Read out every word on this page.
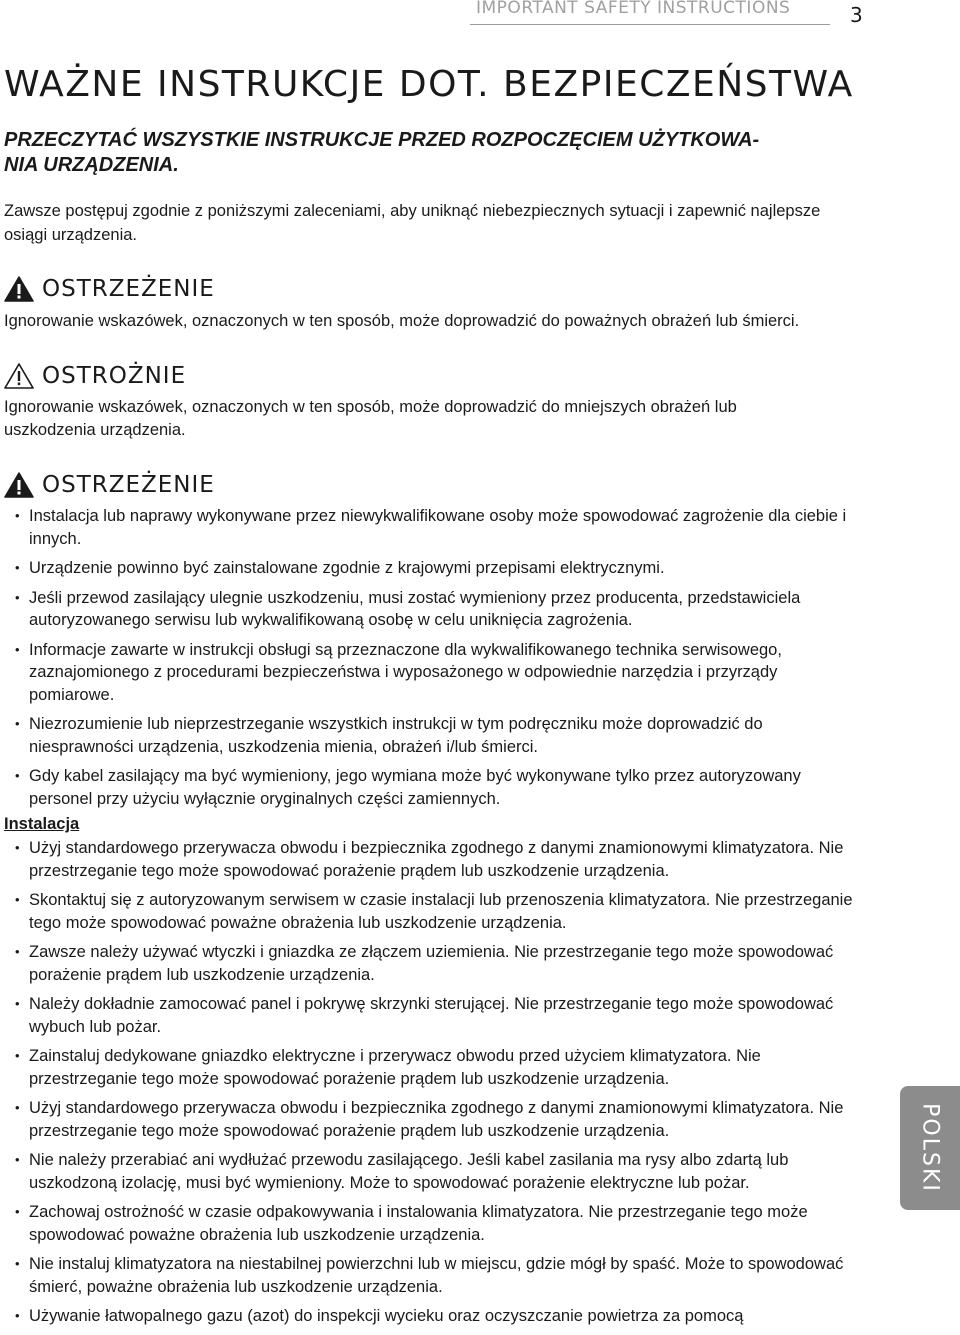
IMPORTANT SAFETY INSTRUCTIONS	3
WAŻNE INSTRUKCJE DOT. BEZPIECZEŃSTWA
PRZECZYTAĆ WSZYSTKIE INSTRUKCJE PRZED ROZPOCZĘCIEM UŻYTKOWA-
NIA URZĄDZENIA.
Zawsze postępuj zgodnie z poniższymi zaleceniami, aby uniknąć niebezpiecznych sytuacji i zapewnić najlepsze osiągi urządzenia.
OSTRZEŻENIE
Ignorowanie wskazówek, oznaczonych w ten sposób, może doprowadzić do poważnych obrażeń lub śmierci.
OSTROŻNIE
Ignorowanie wskazówek, oznaczonych w ten sposób, może doprowadzić do mniejszych obrażeń lub uszkodzenia urządzenia.
OSTRZEŻENIE
• Instalacja lub naprawy wykonywane przez niewykwalifikowane osoby może spowodować zagrożenie dla ciebie i innych.
• Urządzenie powinno być zainstalowane zgodnie z krajowymi przepisami elektrycznymi.
• Jeśli przewod zasilający ulegnie uszkodzeniu, musi zostać wymieniony przez producenta, przedstawiciela autoryzowanego serwisu lub wykwalifikowaną osobę w celu uniknięcia zagrożenia.
• Informacje zawarte w instrukcji obsługi są przeznaczone dla wykwalifikowanego technika serwisowego, zaznajomionego z procedurami bezpieczeństwa i wyposażonego w odpowiednie narzędzia i przyrządy pomiarowe.
• Niezrozumienie lub nieprzestrzeganie wszystkich instrukcji w tym podręczniku może doprowadzić do niesprawności urządzenia, uszkodzenia mienia, obrażeń i/lub śmierci.
• Gdy kabel zasilający ma być wymieniony, jego wymiana może być wykonywane tylko przez autoryzowany personel przy użyciu wyłącznie oryginalnych części zamiennych.
Instalacja
• Użyj standardowego przerywacza obwodu i bezpiecznika zgodnego z danymi znamionowymi klimatyzatora. Nie przestrzeganie tego może spowodować porażenie prądem lub uszkodzenie urządzenia.
• Skontaktuj się z autoryzowanym serwisem w czasie instalacji lub przenoszenia klimatyzatora. Nie przestrzeganie tego może spowodować poważne obrażenia lub uszkodzenie urządzenia.
• Zawsze należy używać wtyczki i gniazdka ze złączem uziemienia. Nie przestrzeganie tego może spowodować porażenie prądem lub uszkodzenie urządzenia.
• Należy dokładnie zamocować panel i pokrywę skrzynki sterującej. Nie przestrzeganie tego może spowodować wybuch lub pożar.
• Zainstaluj dedykowane gniazdko elektryczne i przerywacz obwodu przed użyciem klimatyzatora. Nie przestrzeganie tego może spowodować porażenie prądem lub uszkodzenie urządzenia.
• Użyj standardowego przerywacza obwodu i bezpiecznika zgodnego z danymi znamionowymi klimatyzatora. Nie przestrzeganie tego może spowodować porażenie prądem lub uszkodzenie urządzenia.
• Nie należy przerabiać ani wydłużać przewodu zasilającego. Jeśli kabel zasilania ma rysy albo zdartą lub uszkodzoną izolację, musi być wymieniony. Może to spowodować porażenie elektryczne lub pożar.
• Zachowaj ostrożność w czasie odpakowywania i instalowania klimatyzatora. Nie przestrzeganie tego może spowodować poważne obrażenia lub uszkodzenie urządzenia.
• Nie instaluj klimatyzatora na niestabilnej powierzchni lub w miejscu, gdzie mógł by spaść. Może to spowodować śmierć, poważne obrażenia lub uszkodzenie urządzenia.
• Używanie łatwopalnego gazu (azot) do inspekcji wycieku oraz oczyszczanie powietrza za pomocą
POLSKI
